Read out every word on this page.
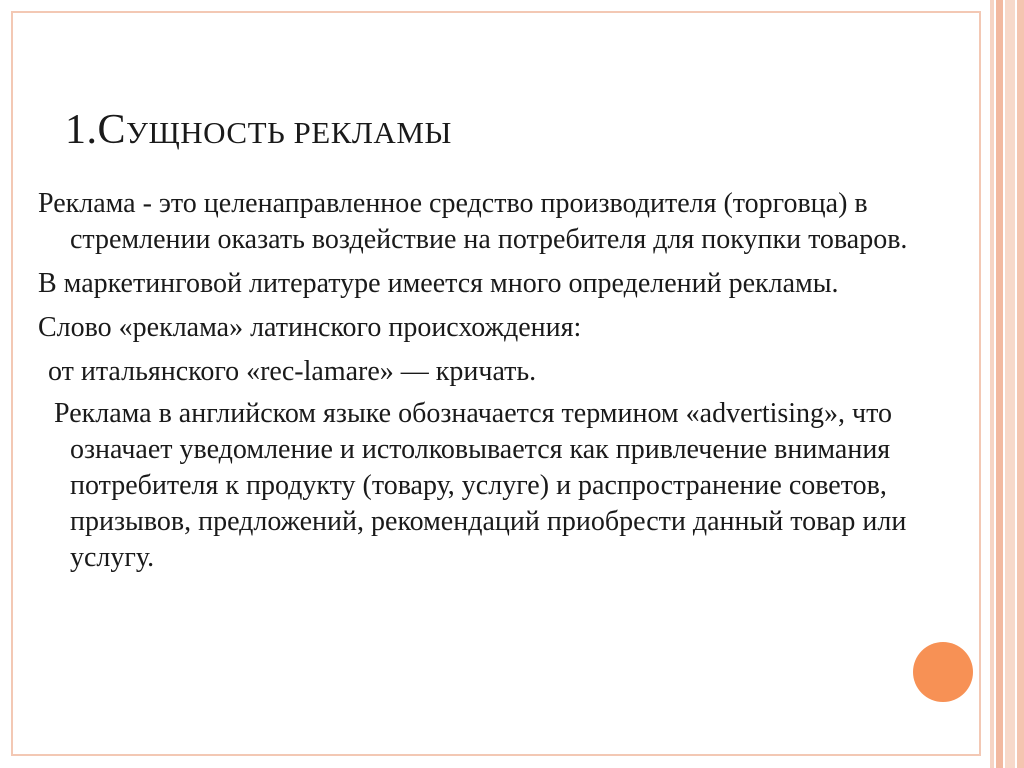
1.СУЩНОСТЬ РЕКЛАМЫ

Реклама - это целенаправленное средство производителя (торговца) в стремлении оказать воздействие на потребителя для покупки товаров.

В маркетинговой литературе имеется много определений рекламы.

Слово «реклама» латинского происхождения:

от итальянского «rec-lamare» — кричать.

Реклама в английском языке обозначается термином «advertising», что означает уведомление и истолковывается как привлечение внимания потребителя к продукту (товару, услуге) и распространение советов, призывов, предложений, рекомендаций приобрести данный товар или услугу.
